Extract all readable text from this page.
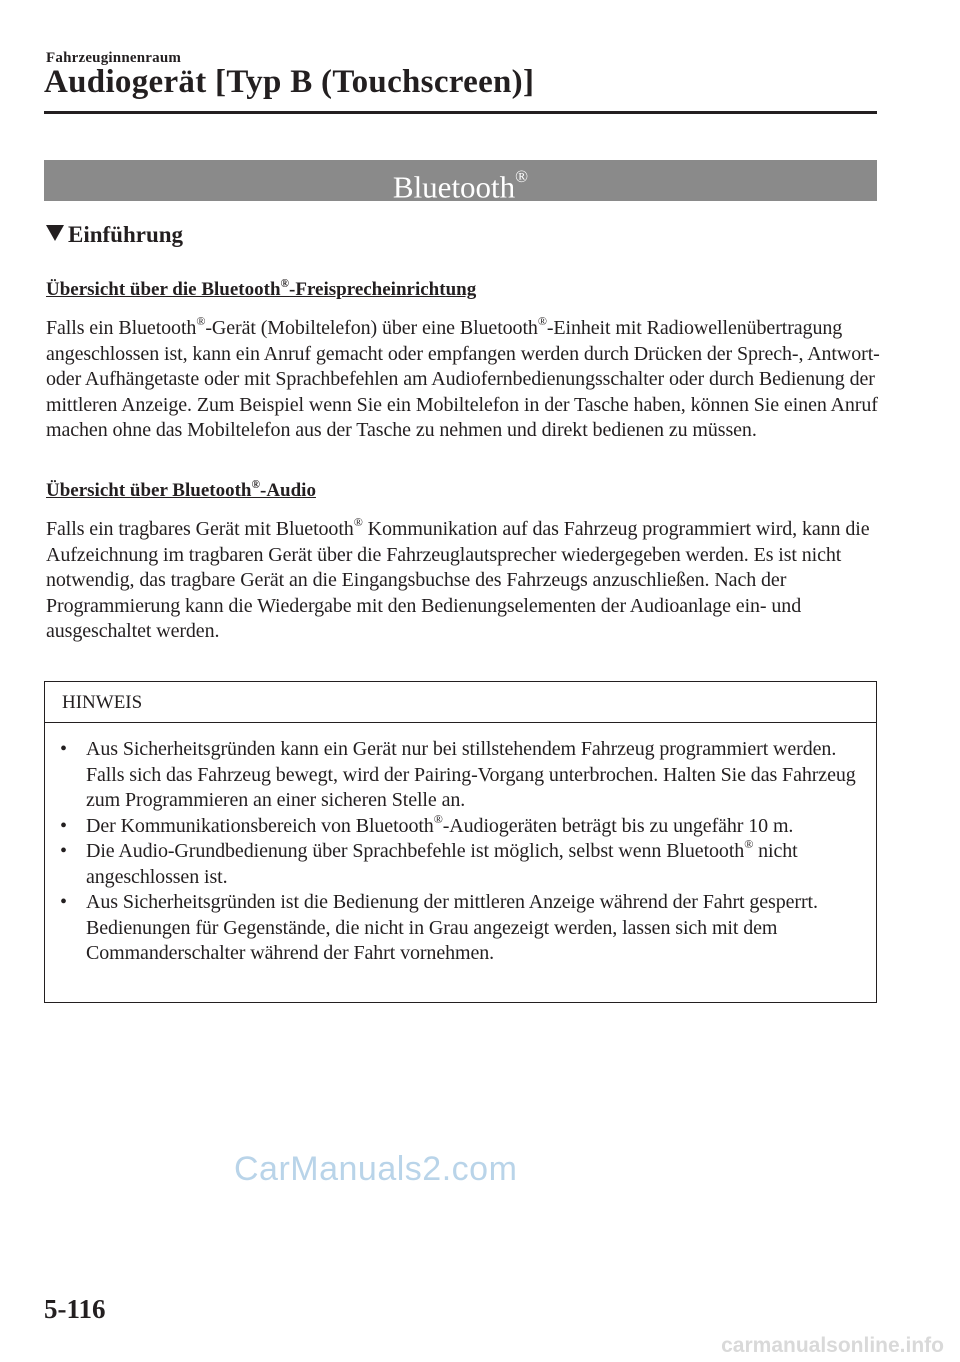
Fahrzeuginnenraum
Audiogerät [Typ B (Touchscreen)]
Bluetooth®
Einführung
Übersicht über die Bluetooth®-Freisprecheinrichtung
Falls ein Bluetooth®-Gerät (Mobiltelefon) über eine Bluetooth®-Einheit mit Radiowellenübertragung angeschlossen ist, kann ein Anruf gemacht oder empfangen werden durch Drücken der Sprech-, Antwort- oder Aufhängetaste oder mit Sprachbefehlen am Audiofernbedienungsschalter oder durch Bedienung der mittleren Anzeige. Zum Beispiel wenn Sie ein Mobiltelefon in der Tasche haben, können Sie einen Anruf machen ohne das Mobiltelefon aus der Tasche zu nehmen und direkt bedienen zu müssen.
Übersicht über Bluetooth®-Audio
Falls ein tragbares Gerät mit Bluetooth® Kommunikation auf das Fahrzeug programmiert wird, kann die Aufzeichnung im tragbaren Gerät über die Fahrzeuglautsprecher wiedergegeben werden. Es ist nicht notwendig, das tragbare Gerät an die Eingangsbuchse des Fahrzeugs anzuschließen. Nach der Programmierung kann die Wiedergabe mit den Bedienungselementen der Audioanlage ein- und ausgeschaltet werden.
HINWEIS
• Aus Sicherheitsgründen kann ein Gerät nur bei stillstehendem Fahrzeug programmiert werden. Falls sich das Fahrzeug bewegt, wird der Pairing-Vorgang unterbrochen. Halten Sie das Fahrzeug zum Programmieren an einer sicheren Stelle an.
• Der Kommunikationsbereich von Bluetooth®-Audiogeräten beträgt bis zu ungefähr 10 m.
• Die Audio-Grundbedienung über Sprachbefehle ist möglich, selbst wenn Bluetooth® nicht angeschlossen ist.
• Aus Sicherheitsgründen ist die Bedienung der mittleren Anzeige während der Fahrt gesperrt. Bedienungen für Gegenstände, die nicht in Grau angezeigt werden, lassen sich mit dem Commanderschalter während der Fahrt vornehmen.
CarManuals2.com
5-116
carmanualsonline.info
